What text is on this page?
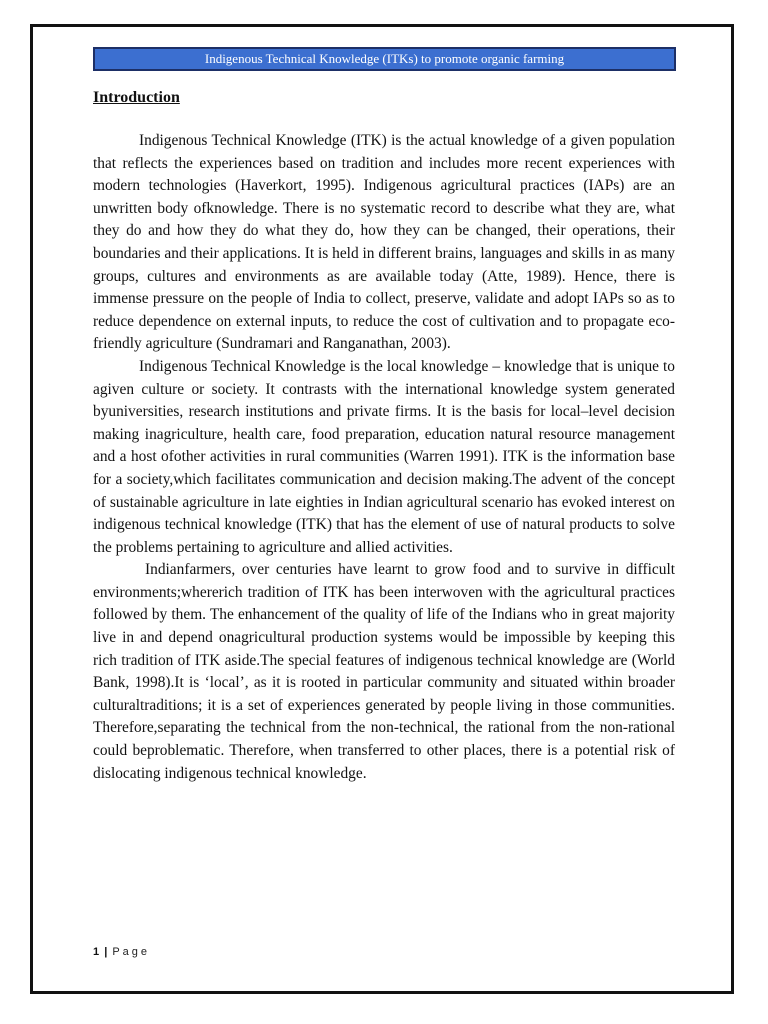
Indigenous Technical Knowledge (ITKs) to promote organic farming
Introduction

Indigenous Technical Knowledge (ITK) is the actual knowledge of a given population that reflects the experiences based on tradition and includes more recent experiences with modern technologies (Haverkort, 1995). Indigenous agricultural practices (IAPs) are an unwritten body ofknowledge. There is no systematic record to describe what they are, what they do and how they do what they do, how they can be changed, their operations, their boundaries and their applications. It is held in different brains, languages and skills in as many groups, cultures and environments as are available today (Atte, 1989). Hence, there is immense pressure on the people of India to collect, preserve, validate and adopt IAPs so as to reduce dependence on external inputs, to reduce the cost of cultivation and to propagate eco-friendly agriculture (Sundramari and Ranganathan, 2003).

Indigenous Technical Knowledge is the local knowledge – knowledge that is unique to agiven culture or society. It contrasts with the international knowledge system generated byuniversities, research institutions and private firms. It is the basis for local–level decision making inagriculture, health care, food preparation, education natural resource management and a host ofother activities in rural communities (Warren 1991). ITK is the information base for a society,which facilitates communication and decision making.The advent of the concept of sustainable agriculture in late eighties in Indian agricultural scenario has evoked interest on indigenous technical knowledge (ITK) that has the element of use of natural products to solve the problems pertaining to agriculture and allied activities.

Indianfarmers, over centuries have learnt to grow food and to survive in difficult environments;whererich tradition of ITK has been interwoven with the agricultural practices followed by them. The enhancement of the quality of life of the Indians who in great majority live in and depend onagricultural production systems would be impossible by keeping this rich tradition of ITK aside.The special features of indigenous technical knowledge are (World Bank, 1998).It is ‘local’, as it is rooted in particular community and situated within broader culturaltraditions; it is a set of experiences generated by people living in those communities. Therefore,separating the technical from the non-technical, the rational from the non-rational could beproblematic. Therefore, when transferred to other places, there is a potential risk of dislocating indigenous technical knowledge.

1 | Page
